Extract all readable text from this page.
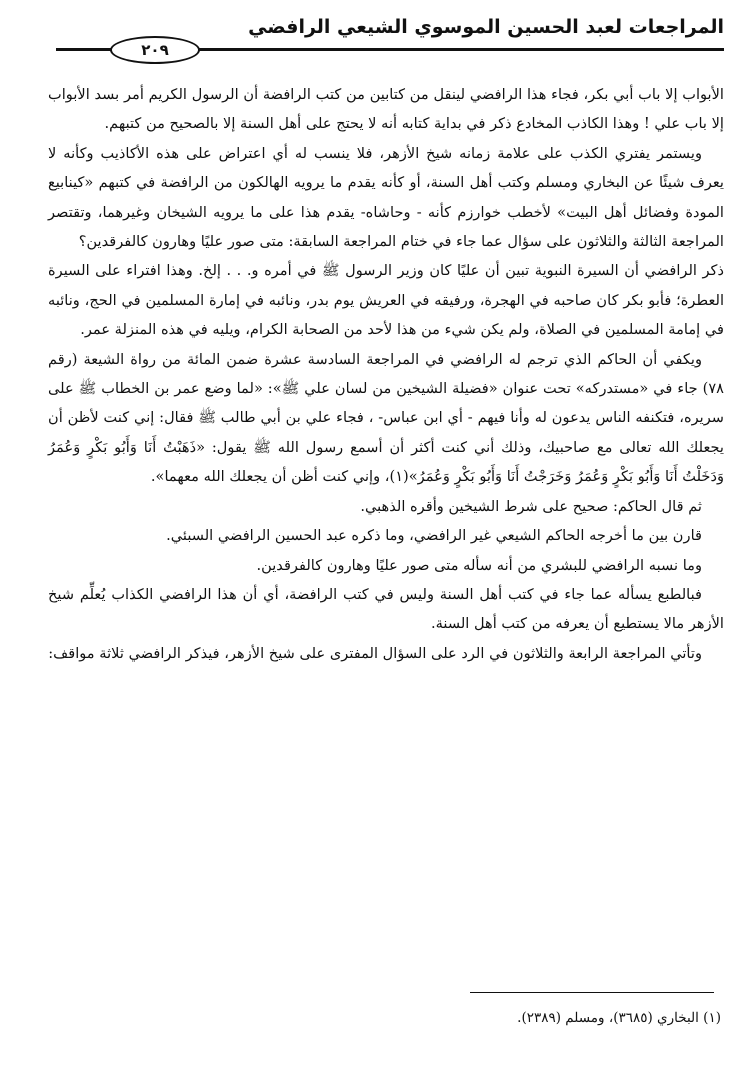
المراجعات لعبد الحسين الموسوي الشيعي الرافضي
٢٠٩

الأبواب إلا باب أبي بكر، فجاء هذا الرافضي لينقل من كتابين من كتب الرافضة أن الرسول الكريم أمر بسد الأبواب إلا باب علي ! وهذا الكاذب المخادع ذكر في بداية كتابه أنه لا يحتج على أهل السنة إلا بالصحيح من كتبهم.

ويستمر يفتري الكذب على علامة زمانه شيخ الأزهر، فلا ينسب له أي اعتراض على هذه الأكاذيب وكأنه لا يعرف شيئًا عن البخاري ومسلم وكتب أهل السنة، أو كأنه يقدم ما يرويه الهالكون من الرافضة في كتبهم «كينابيع المودة وفضائل أهل البيت» لأخطب خوارزم كأنه - وحاشاه- يقدم هذا على ما يرويه الشيخان وغيرهما، وتقتصر المراجعة الثالثة والثلاثون على سؤال عما جاء في ختام المراجعة السابقة: متى صور عليًا وهارون كالفرقدين؟

ذكر الرافضي أن السيرة النبوية تبين أن عليًا كان وزير الرسول ﷺ في أمره و. . . إلخ. وهذا افتراء على السيرة العطرة؛ فأبو بكر كان صاحبه في الهجرة، ورفيقه في العريش يوم بدر، ونائبه في إمارة المسلمين في الحج، ونائبه في إمامة المسلمين في الصلاة، ولم يكن شيء من هذا لأحد من الصحابة الكرام، ويليه في هذه المنزلة عمر.

ويكفي أن الحاكم الذي ترجم له الرافضي في المراجعة السادسة عشرة ضمن المائة من رواة الشيعة (رقم ٧٨) جاء في «مستدركه» تحت عنوان «فضيلة الشيخين من لسان علي ﷺ»: «لما وضع عمر بن الخطاب ﷺ على سريره، فتكنفه الناس يدعون له وأنا فيهم - أي ابن عباس- ، فجاء علي بن أبي طالب ﷺ فقال: إني كنت لأظن أن يجعلك الله تعالى مع صاحبيك، وذلك أني كنت أكثر أن أسمع رسول الله ﷺ يقول: «ذَهَبْتُ أَنَا وَأَبُو بَكْرٍ وَعُمَرُ وَدَخَلْتُ أَنَا وَأَبُو بَكْرٍ وَعُمَرُ وَخَرَجْتُ أَنَا وَأَبُو بَكْرٍ وَعُمَرُ»(١)، وإني كنت أظن أن يجعلك الله معهما».

ثم قال الحاكم: صحيح على شرط الشيخين وأقره الذهبي.

قارن بين ما أخرجه الحاكم الشيعي غير الرافضي، وما ذكره عبد الحسين الرافضي السبئي.

وما نسبه الرافضي للبشري من أنه سأله متى صور عليًا وهارون كالفرقدين.

فبالطبع يسأله عما جاء في كتب أهل السنة وليس في كتب الرافضة، أي أن هذا الرافضي الكذاب يُعلِّم شيخ الأزهر مالا يستطيع أن يعرفه من كتب أهل السنة.

وتأتي المراجعة الرابعة والثلاثون في الرد على السؤال المفترى على شيخ الأزهر، فيذكر الرافضي ثلاثة مواقف:

(١) البخاري (٣٦٨٥)، ومسلم (٢٣٨٩).
